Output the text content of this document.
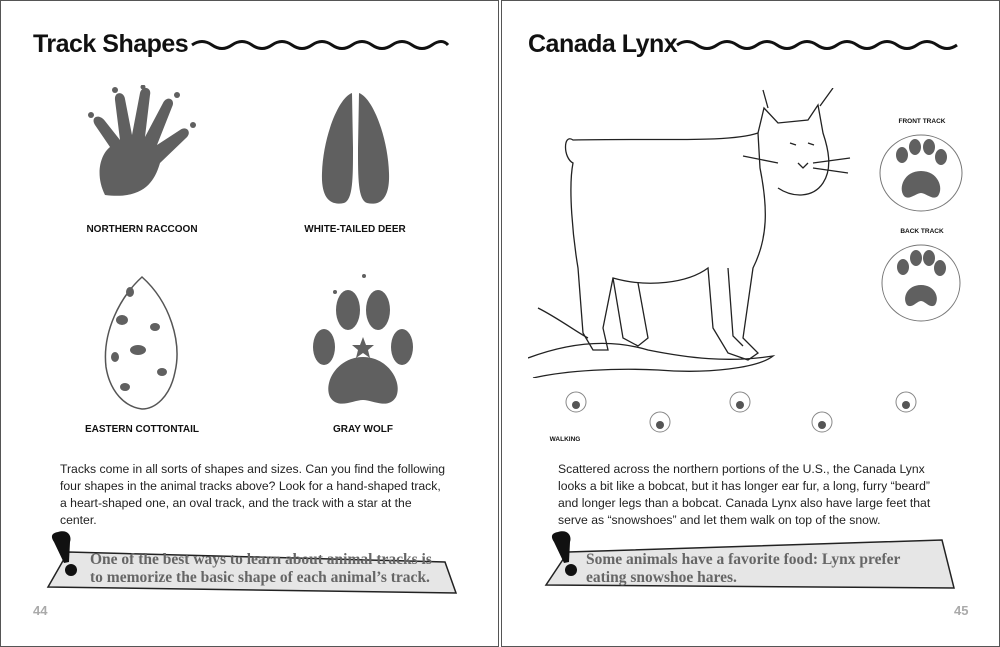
Track Shapes
NORTHERN RACCOON	WHITE-TAILED DEER
EASTERN COTTONTAIL	GRAY WOLF
Tracks come in all sorts of shapes and sizes. Can you find the following four shapes in the animal tracks above? Look for a hand-shaped track, a heart-shaped one, an oval track, and the track with a star at the center.
One of the best ways to learn about animal tracks is to memorize the basic shape of each animal’s track.
44
Canada Lynx
FRONT TRACK
BACK TRACK
WALKING
Scattered across the northern portions of the U.S., the Canada Lynx looks a bit like a bobcat, but it has longer ear fur, a long, furry “beard” and longer legs than a bobcat. Canada Lynx also have large feet that serve as “snowshoes” and let them walk on top of the snow.
Some animals have a favorite food: Lynx prefer eating snowshoe hares.
45
